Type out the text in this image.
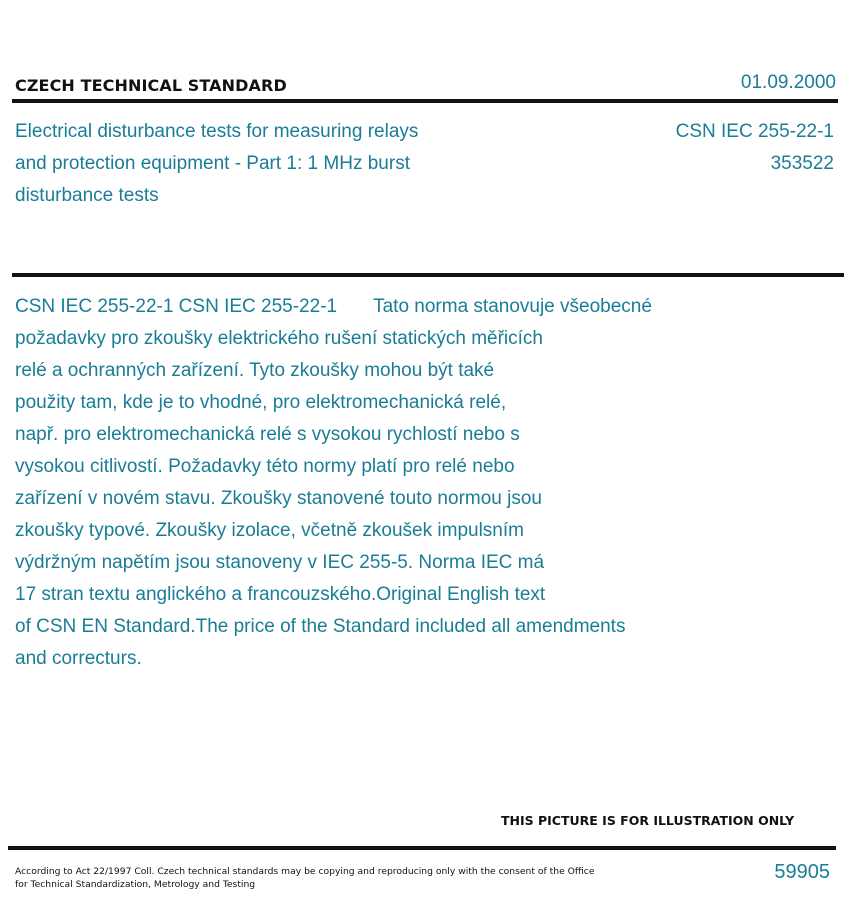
CZECH TECHNICAL STANDARD	01.09.2000
Electrical disturbance tests for measuring relays and protection equipment - Part 1: 1 MHz burst disturbance tests
CSN IEC 255-22-1
353522
CSN IEC 255-22-1 CSN IEC 255-22-1 Tato norma stanovuje všeobecné
požadavky pro zkoušky elektrického rušení statických měřicích
relé a ochranných zařízení. Tyto zkoušky mohou být také
použity tam, kde je to vhodné, pro elektromechanická relé,
např. pro elektromechanická relé s vysokou rychlostí nebo s
vysokou citlivostí. Požadavky této normy platí pro relé nebo
zařízení v novém stavu. Zkoušky stanovené touto normou jsou
zkoušky typové. Zkoušky izolace, včetně zkoušek impulsním
výdržným napětím jsou stanoveny v IEC 255-5. Norma IEC má
17 stran textu anglického a francouzského.Original English text
of CSN EN Standard.The price of the Standard included all amendments
and correcturs.
THIS PICTURE IS FOR ILLUSTRATION ONLY
According to Act 22/1997 Coll. Czech technical standards may be copying and reproducing only with the consent of the Office
for Technical Standardization, Metrology and Testing
59905
